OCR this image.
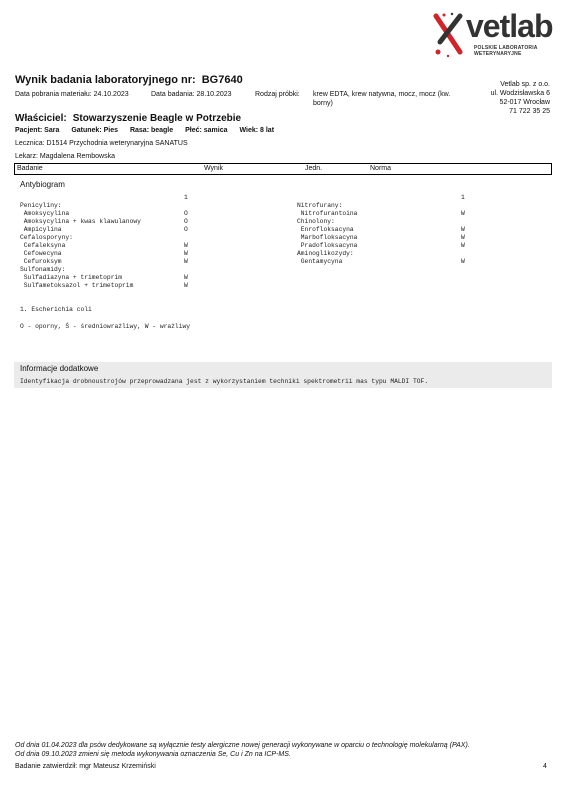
vetlab
POLSKIE LABORATORIA
WETERYNARYJNE
Wynik badania laboratoryjnego nr: BG7640
Data pobrania materiału: 24.10.2023	Data badania: 28.10.2023	Rodzaj próbki: krew EDTA, krew natywna, mocz, mocz (kw. borny)
Vetlab sp. z o.o.
ul. Wodzisławska 6
52-017 Wrocław
71 722 35 25
Właściciel: Stowarzyszenie Beagle w Potrzebie
Pacjent: Sara Gatunek: Pies Rasa: beagle Płeć: samica Wiek: 8 lat
Lecznica: D1514 Przychodnia weterynaryjna SANATUS
Lekarz: Magdalena Rembowska
Badanie	Wynik	Jedn.	Norma
Antybiogram

1

Penicyliny:

Amoksycylina	O

Amoksycylina + kwas klawulanowy	O

Ampicylina	O

Cefalosporyny:

Cefaleksyna	W

Cefowecyna	W

Cefuroksym	W

Sulfonamidy:

Sulfadiazyna + trimetoprim	W

Sulfametoksazol + trimetoprim	W

1

Nitrofurany:

Nitrofurantoina	W

Chinolony:

Enrofloksacyna	W

Marbofloksacyna	W

Pradofloksacyna	W

Aminoglikozydy:

Gentamycyna	W

1. Escherichia coli
O - oporny, Ś - średniowrażliwy, W - wrażliwy
Informacje dodatkowe
Identyfikacja drobnoustrojów przeprowadzana jest z wykorzystaniem techniki spektrometrii mas typu MALDI TOF.
Od dnia 01.04.2023 dla psów dedykowane są wyłącznie testy alergiczne nowej generacji wykonywane w oparciu o technologię molekularną (PAX).
Od dnia 09.10.2023 zmieni się metoda wykonywania oznaczenia Se, Cu i Zn na ICP-MS.
Badanie zatwierdził: mgr Mateusz Krzemiński	4
